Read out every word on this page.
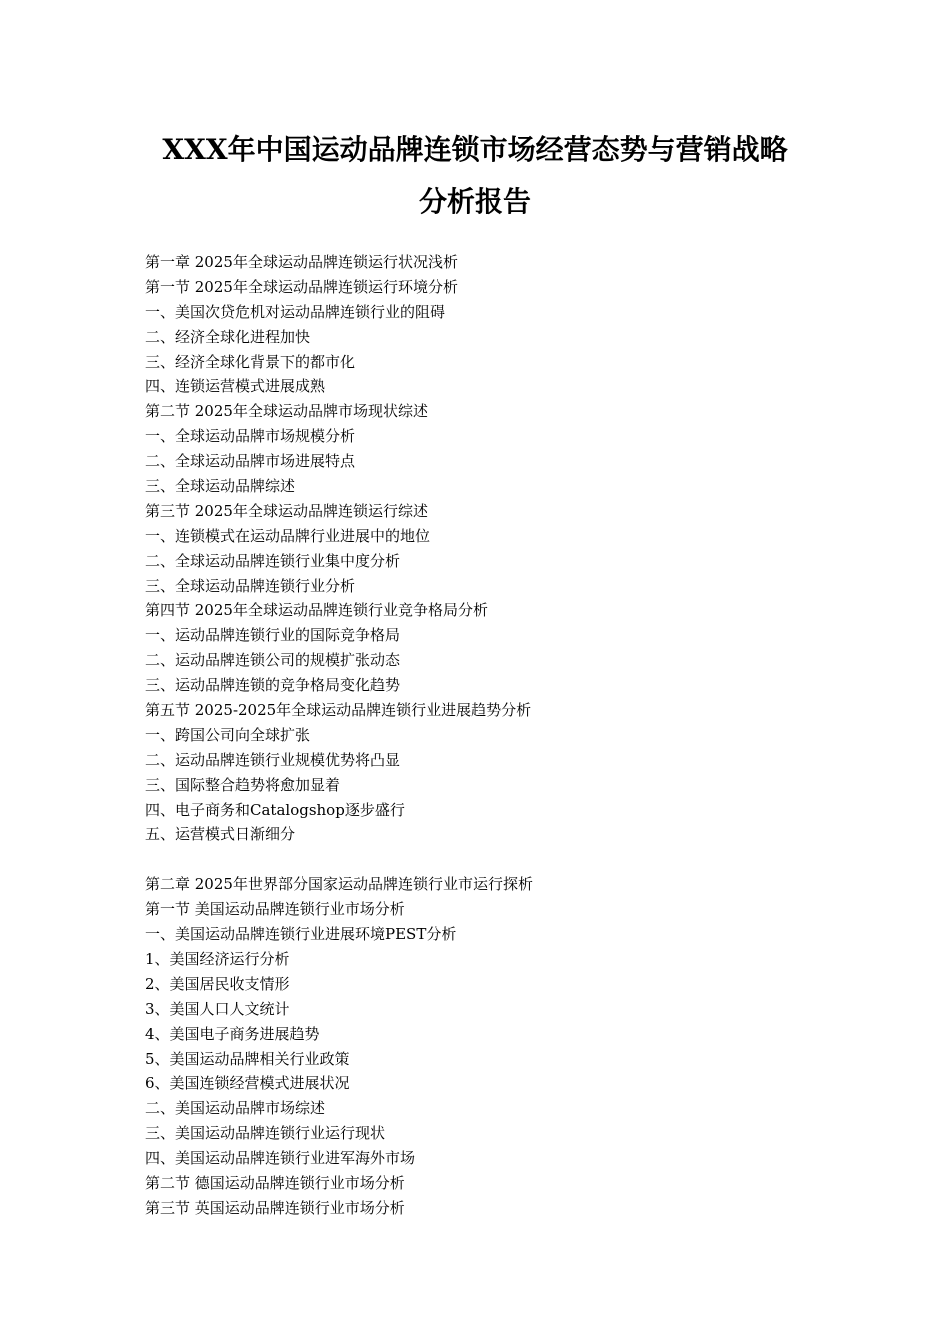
XXX年中国运动品牌连锁市场经营态势与营销战略
分析报告
第一章 2025年全球运动品牌连锁运行状况浅析
第一节 2025年全球运动品牌连锁运行环境分析
一、美国次贷危机对运动品牌连锁行业的阻碍
二、经济全球化进程加快
三、经济全球化背景下的都市化
四、连锁运营模式进展成熟
第二节 2025年全球运动品牌市场现状综述
一、全球运动品牌市场规模分析
二、全球运动品牌市场进展特点
三、全球运动品牌综述
第三节 2025年全球运动品牌连锁运行综述
一、连锁模式在运动品牌行业进展中的地位
二、全球运动品牌连锁行业集中度分析
三、全球运动品牌连锁行业分析
第四节 2025年全球运动品牌连锁行业竞争格局分析
一、运动品牌连锁行业的国际竞争格局
二、运动品牌连锁公司的规模扩张动态
三、运动品牌连锁的竞争格局变化趋势
第五节 2025-2025年全球运动品牌连锁行业进展趋势分析
一、跨国公司向全球扩张
二、运动品牌连锁行业规模优势将凸显
三、国际整合趋势将愈加显着
四、电子商务和Catalogshop逐步盛行
五、运营模式日渐细分
第二章 2025年世界部分国家运动品牌连锁行业市运行探析
第一节 美国运动品牌连锁行业市场分析
一、美国运动品牌连锁行业进展环境PEST分析
1、美国经济运行分析
2、美国居民收支情形
3、美国人口人文统计
4、美国电子商务进展趋势
5、美国运动品牌相关行业政策
6、美国连锁经营模式进展状况
二、美国运动品牌市场综述
三、美国运动品牌连锁行业运行现状
四、美国运动品牌连锁行业进军海外市场
第二节 德国运动品牌连锁行业市场分析
第三节 英国运动品牌连锁行业市场分析
